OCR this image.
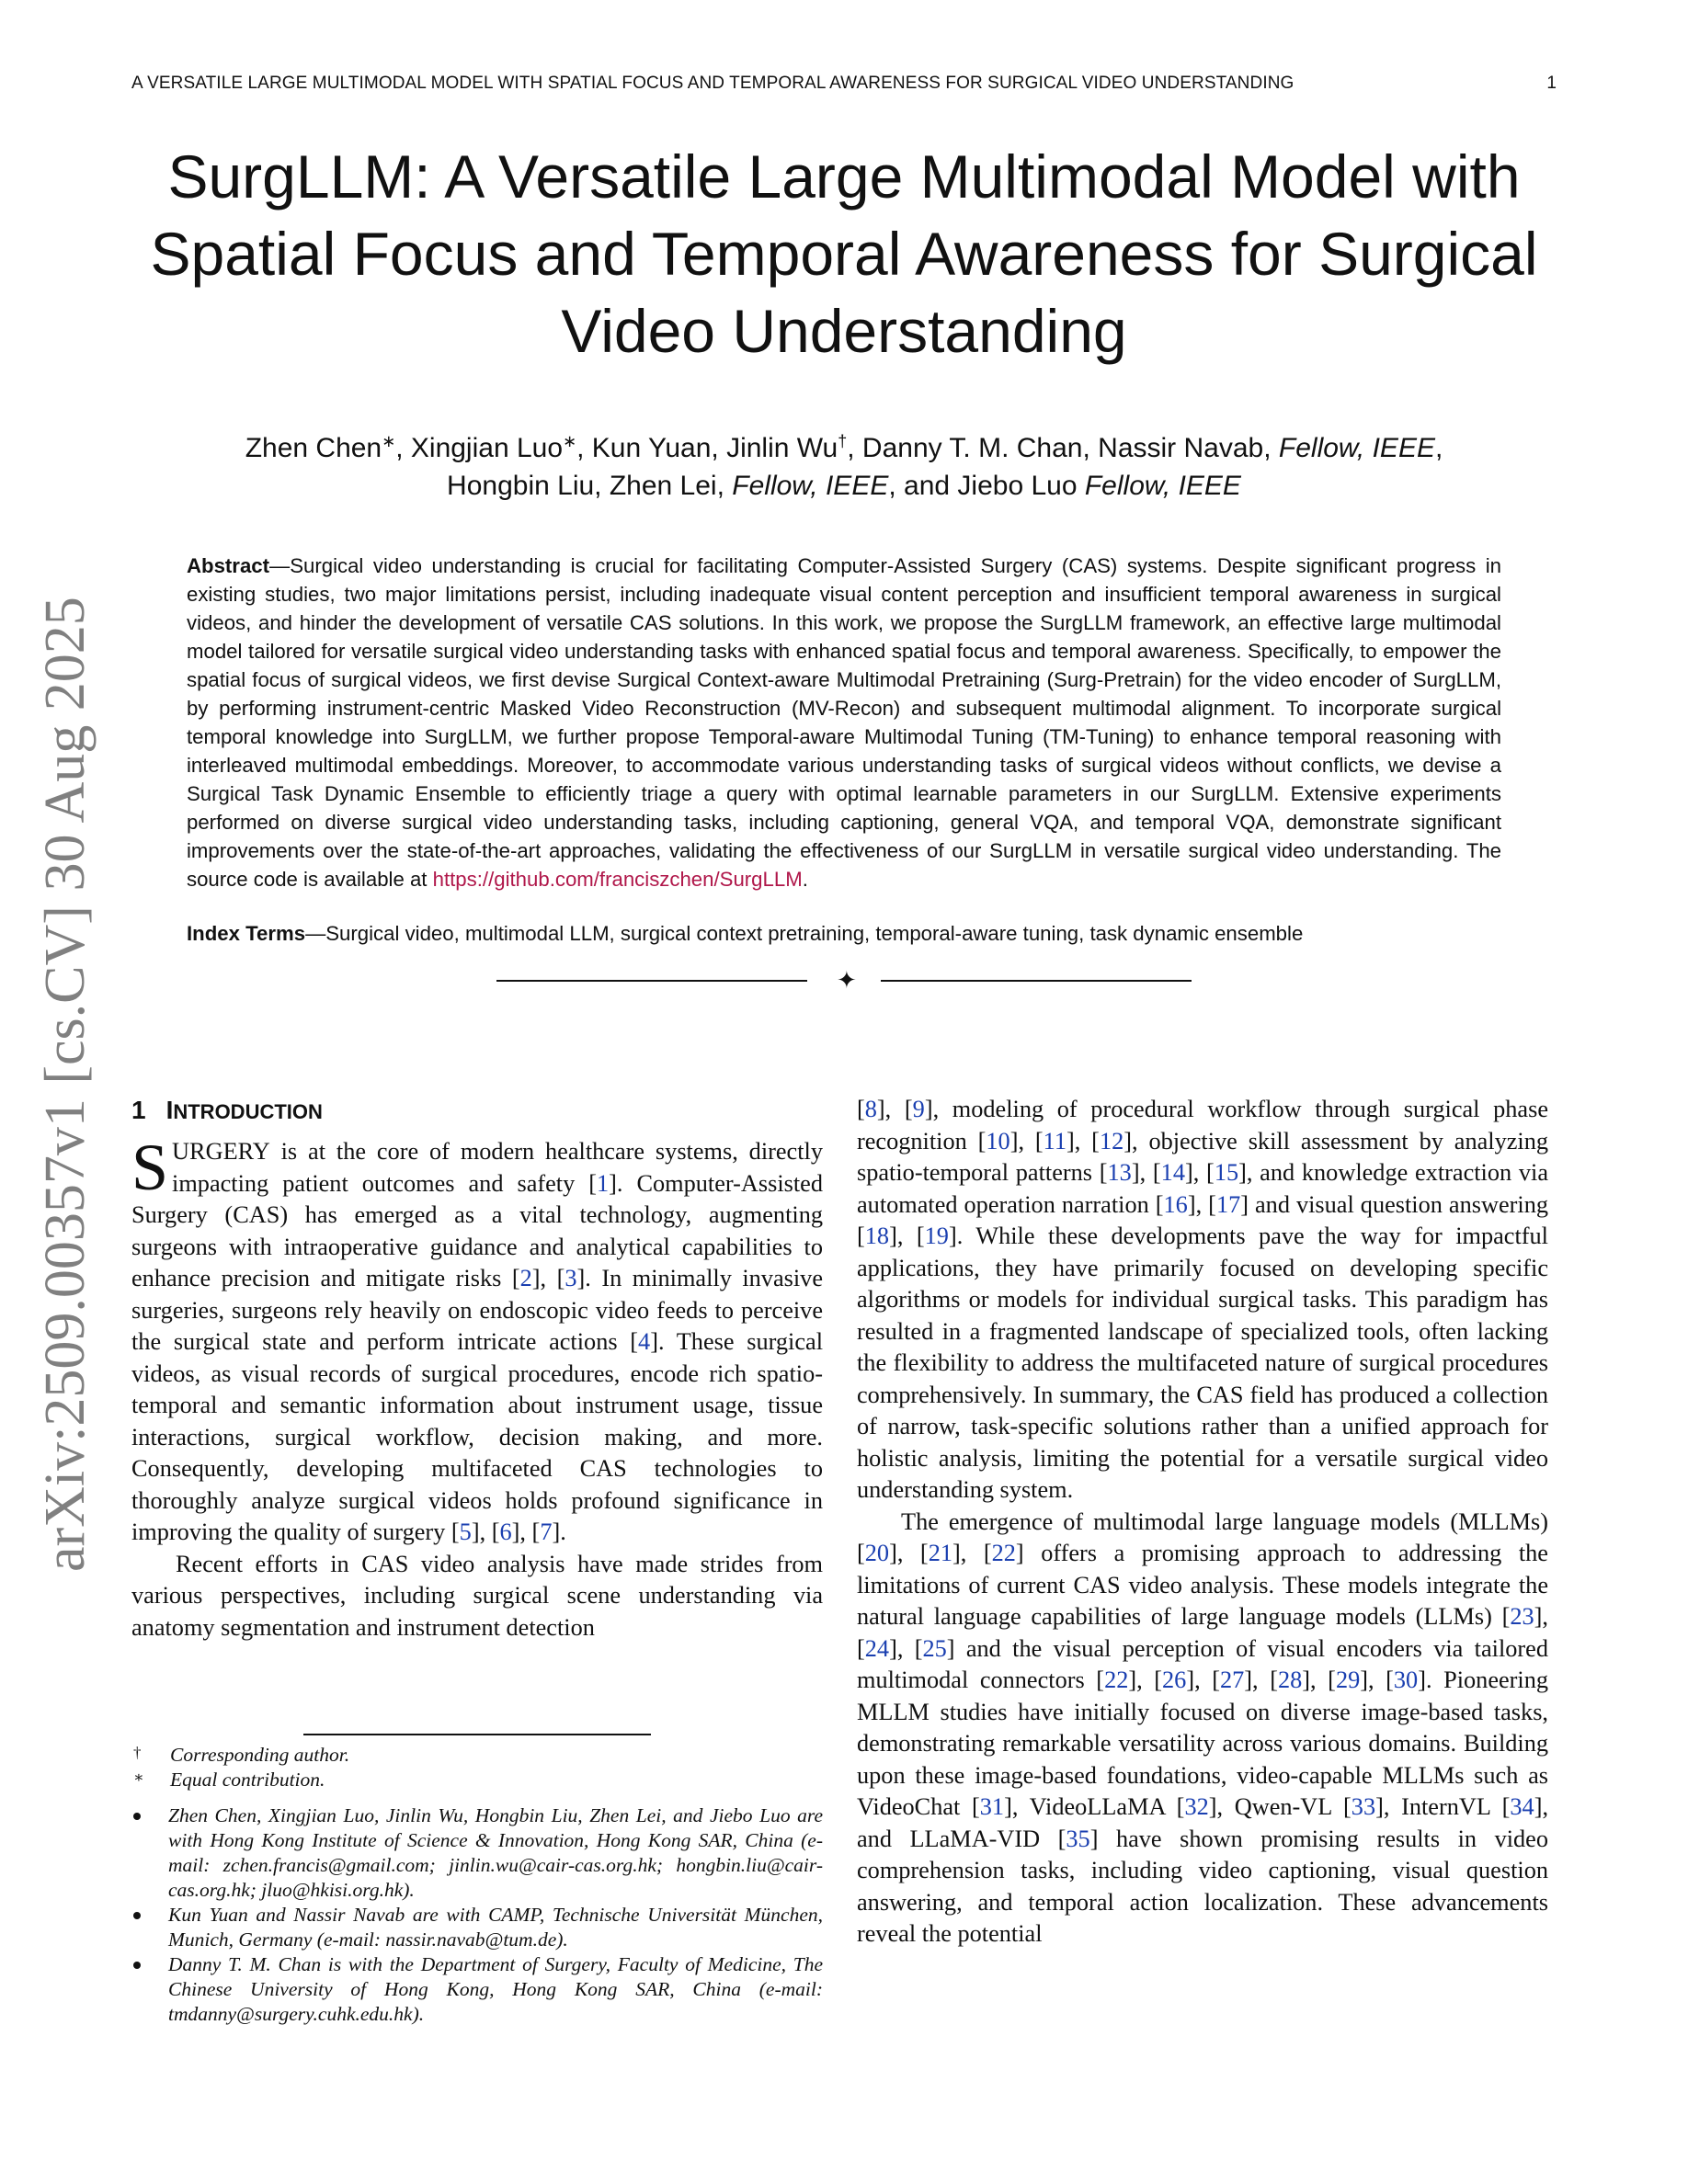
A VERSATILE LARGE MULTIMODAL MODEL WITH SPATIAL FOCUS AND TEMPORAL AWARENESS FOR SURGICAL VIDEO UNDERSTANDING	1
SurgLLM: A Versatile Large Multimodal Model with Spatial Focus and Temporal Awareness for Surgical Video Understanding
Zhen Chen∗, Xingjian Luo∗, Kun Yuan, Jinlin Wu†, Danny T. M. Chan, Nassir Navab, Fellow, IEEE,
Hongbin Liu, Zhen Lei, Fellow, IEEE, and Jiebo Luo Fellow, IEEE

Abstract—Surgical video understanding is crucial for facilitating Computer-Assisted Surgery (CAS) systems. Despite significant progress in existing studies, two major limitations persist, including inadequate visual content perception and insufficient temporal awareness in surgical videos, and hinder the development of versatile CAS solutions. In this work, we propose the SurgLLM framework, an effective large multimodal model tailored for versatile surgical video understanding tasks with enhanced spatial focus and temporal awareness. Specifically, to empower the spatial focus of surgical videos, we first devise Surgical Context-aware Multimodal Pretraining (Surg-Pretrain) for the video encoder of SurgLLM, by performing instrument-centric Masked Video Reconstruction (MV-Recon) and subsequent multimodal alignment. To incorporate surgical temporal knowledge into SurgLLM, we further propose Temporal-aware Multimodal Tuning (TM-Tuning) to enhance temporal reasoning with interleaved multimodal embeddings. Moreover, to accommodate various understanding tasks of surgical videos without conflicts, we devise a Surgical Task Dynamic Ensemble to efficiently triage a query with optimal learnable parameters in our SurgLLM. Extensive experiments performed on diverse surgical video understanding tasks, including captioning, general VQA, and temporal VQA, demonstrate significant improvements over the state-of-the-art approaches, validating the effectiveness of our SurgLLM in versatile surgical video understanding. The source code is available at https://github.com/franciszchen/SurgLLM.

Index Terms—Surgical video, multimodal LLM, surgical context pretraining, temporal-aware tuning, task dynamic ensemble

✦
arXiv:2509.00357v1 [cs.CV] 30 Aug 2025 1 INTRODUCTION

SURGERY is at the core of modern healthcare systems, directly impacting patient outcomes and safety [1]. Computer-Assisted Surgery (CAS) has emerged as a vital technology, augmenting surgeons with intraoperative guidance and analytical capabilities to enhance precision and mitigate risks [2], [3]. In minimally invasive surgeries, surgeons rely heavily on endoscopic video feeds to perceive the surgical state and perform intricate actions [4]. These surgical videos, as visual records of surgical procedures, encode rich spatio-temporal and semantic information about instrument usage, tissue interactions, surgical workflow, decision making, and more. Consequently, developing multifaceted CAS technologies to thoroughly analyze surgical videos holds profound significance in improving the quality of surgery [5], [6], [7].

Recent efforts in CAS video analysis have made strides from various perspectives, including surgical scene understanding via anatomy segmentation and instrument detection

† Corresponding author.

∗ Equal contribution.

Zhen Chen, Xingjian Luo, Jinlin Wu, Hongbin Liu, Zhen Lei, and Jiebo Luo are with Hong Kong Institute of Science & Innovation, Hong Kong SAR, China (e-mail: zchen.francis@gmail.com; jinlin.wu@cair-cas.org.hk; hongbin.liu@cair-cas.org.hk; jluo@hkisi.org.hk).

Kun Yuan and Nassir Navab are with CAMP, Technische Universität München, Munich, Germany (e-mail: nassir.navab@tum.de).

Danny T. M. Chan is with the Department of Surgery, Faculty of Medicine, The Chinese University of Hong Kong, Hong Kong SAR, China (e-mail: tmdanny@surgery.cuhk.edu.hk).

[8], [9], modeling of procedural workflow through surgical phase recognition [10], [11], [12], objective skill assessment by analyzing spatio-temporal patterns [13], [14], [15], and knowledge extraction via automated operation narration [16], [17] and visual question answering [18], [19]. While these developments pave the way for impactful applications, they have primarily focused on developing specific algorithms or models for individual surgical tasks. This paradigm has resulted in a fragmented landscape of specialized tools, often lacking the flexibility to address the multifaceted nature of surgical procedures comprehensively. In summary, the CAS field has produced a collection of narrow, task-specific solutions rather than a unified approach for holistic analysis, limiting the potential for a versatile surgical video understanding system.

The emergence of multimodal large language models (MLLMs) [20], [21], [22] offers a promising approach to addressing the limitations of current CAS video analysis. These models integrate the natural language capabilities of large language models (LLMs) [23], [24], [25] and the visual perception of visual encoders via tailored multimodal connectors [22], [26], [27], [28], [29], [30]. Pioneering MLLM studies have initially focused on diverse image-based tasks, demonstrating remarkable versatility across various domains. Building upon these image-based foundations, video-capable MLLMs such as VideoChat [31], VideoLLaMA [32], Qwen-VL [33], InternVL [34], and LLaMA-VID [35] have shown promising results in video comprehension tasks, including video captioning, visual question answering, and temporal action localization. These advancements reveal the potential
